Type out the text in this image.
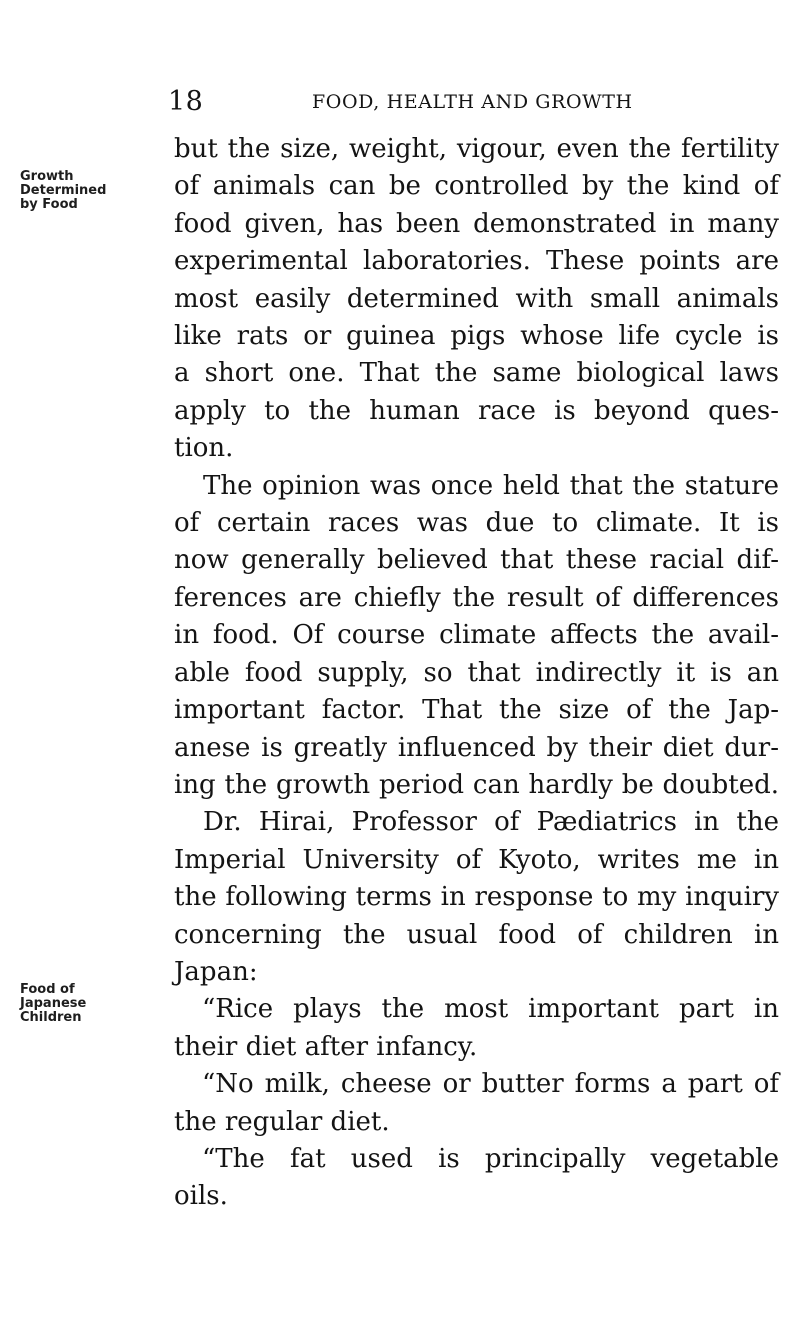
18	FOOD, HEALTH AND GROWTH
Growth
Determined
by Food
Food of
Japanese
Children
but the size, weight, vigour, even the fertility
of animals can be controlled by the kind of
food given, has been demonstrated in many
experimental laboratories. These points are
most easily determined with small animals
like rats or guinea pigs whose life cycle is
a short one. That the same biological laws
apply to the human race is beyond ques-
tion.
The opinion was once held that the stature
of certain races was due to climate. It is
now generally believed that these racial dif-
ferences are chiefly the result of differences
in food. Of course climate affects the avail-
able food supply, so that indirectly it is an
important factor. That the size of the Jap-
anese is greatly influenced by their diet dur-
ing the growth period can hardly be doubted.
Dr. Hirai, Professor of Pædiatrics in the
Imperial University of Kyoto, writes me in
the following terms in response to my inquiry
concerning the usual food of children in
Japan:
“Rice plays the most important part in
their diet after infancy.
“No milk, cheese or butter forms a part of
the regular diet.
“The fat used is principally vegetable
oils.
